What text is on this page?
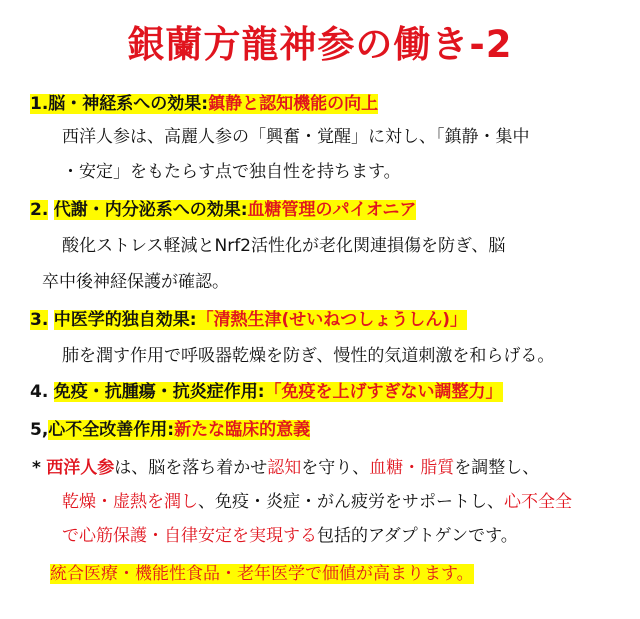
銀蘭方龍神参の働き-2
1.脳・神経系への効果:鎮静と認知機能の向上
西洋人参は、高麗人参の「興奮・覚醒」に対し、「鎮静・集中
・安定」をもたらす点で独自性を持ちます。
2. 代謝・内分泌系への効果:血糖管理のパイオニア
酸化ストレス軽減とNrf2活性化が老化関連損傷を防ぎ、脳
卒中後神経保護が確認。
3. 中医学的独自効果:「清熱生津(せいねつしょうしん)」
肺を潤す作用で呼吸器乾燥を防ぎ、慢性的気道刺激を和らげる。
4. 免疫・抗腫瘍・抗炎症作用:「免疫を上げすぎない調整力」
5,心不全改善作用:新たな臨床的意義
* 西洋人参は、脳を落ち着かせ認知を守り、血糖・脂質を調整し、
乾燥・虚熱を潤し、免疫・炎症・がん疲労をサポートし、心不全全
で心筋保護・自律安定を実現する包括的アダプトゲンです。
統合医療・機能性食品・老年医学で価値が高まります。
